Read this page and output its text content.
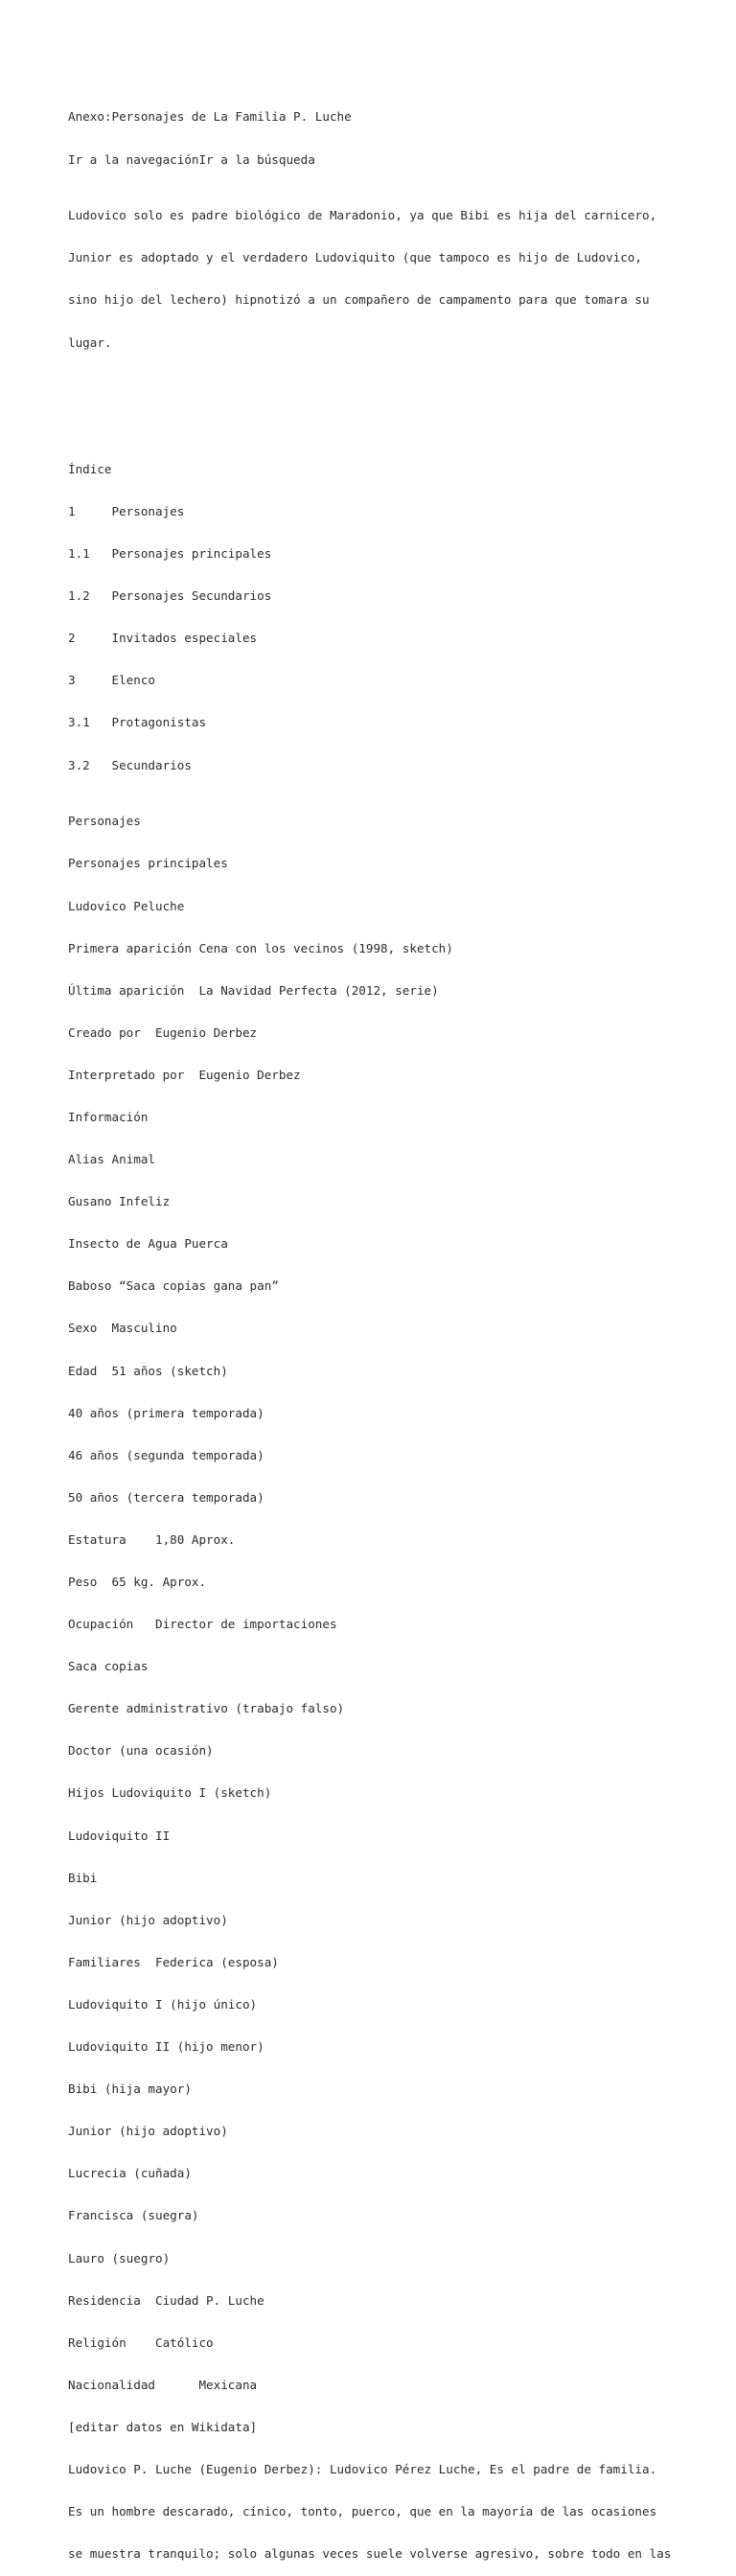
Anexo:Personajes de La Familia P. Luche

Ir a la navegaciónIr a la búsqueda

Ludovico solo es padre biológico de Maradonio, ya que Bibi es hija del carnicero,

Junior es adoptado y el verdadero Ludoviquito (que tampoco es hijo de Ludovico,

sino hijo del lechero) hipnotizó a un compañero de campamento para que tomara su

lugar.

Índice

1     Personajes

1.1   Personajes principales

1.2   Personajes Secundarios

2     Invitados especiales

3     Elenco

3.1   Protagonistas

3.2   Secundarios

Personajes

Personajes principales

Ludovico Peluche

Primera aparición Cena con los vecinos (1998, sketch)

Última aparición  La Navidad Perfecta (2012, serie)

Creado por  Eugenio Derbez

Interpretado por  Eugenio Derbez

Información

Alias Animal

Gusano Infeliz

Insecto de Agua Puerca

Baboso “Saca copias gana pan”

Sexo  Masculino

Edad  51 años (sketch)

40 años (primera temporada)

46 años (segunda temporada)

50 años (tercera temporada)

Estatura    1,80 Aprox.

Peso  65 kg. Aprox.

Ocupación   Director de importaciones

Saca copias

Gerente administrativo (trabajo falso)

Doctor (una ocasión)

Hijos Ludoviquito I (sketch)

Ludoviquito II

Bibi

Junior (hijo adoptivo)

Familiares  Federica (esposa)

Ludoviquito I (hijo único)

Ludoviquito II (hijo menor)

Bibi (hija mayor)

Junior (hijo adoptivo)

Lucrecia (cuñada)

Francisca (suegra)

Lauro (suegro)

Residencia  Ciudad P. Luche

Religión    Católico

Nacionalidad      Mexicana

[editar datos en Wikidata]

Ludovico P. Luche (Eugenio Derbez): Ludovico Pérez Luche, Es el padre de familia.

Es un hombre descarado, cínico, tonto, puerco, que en la mayoría de las ocasiones

se muestra tranquilo; solo algunas veces suele volverse agresivo, sobre todo en las
